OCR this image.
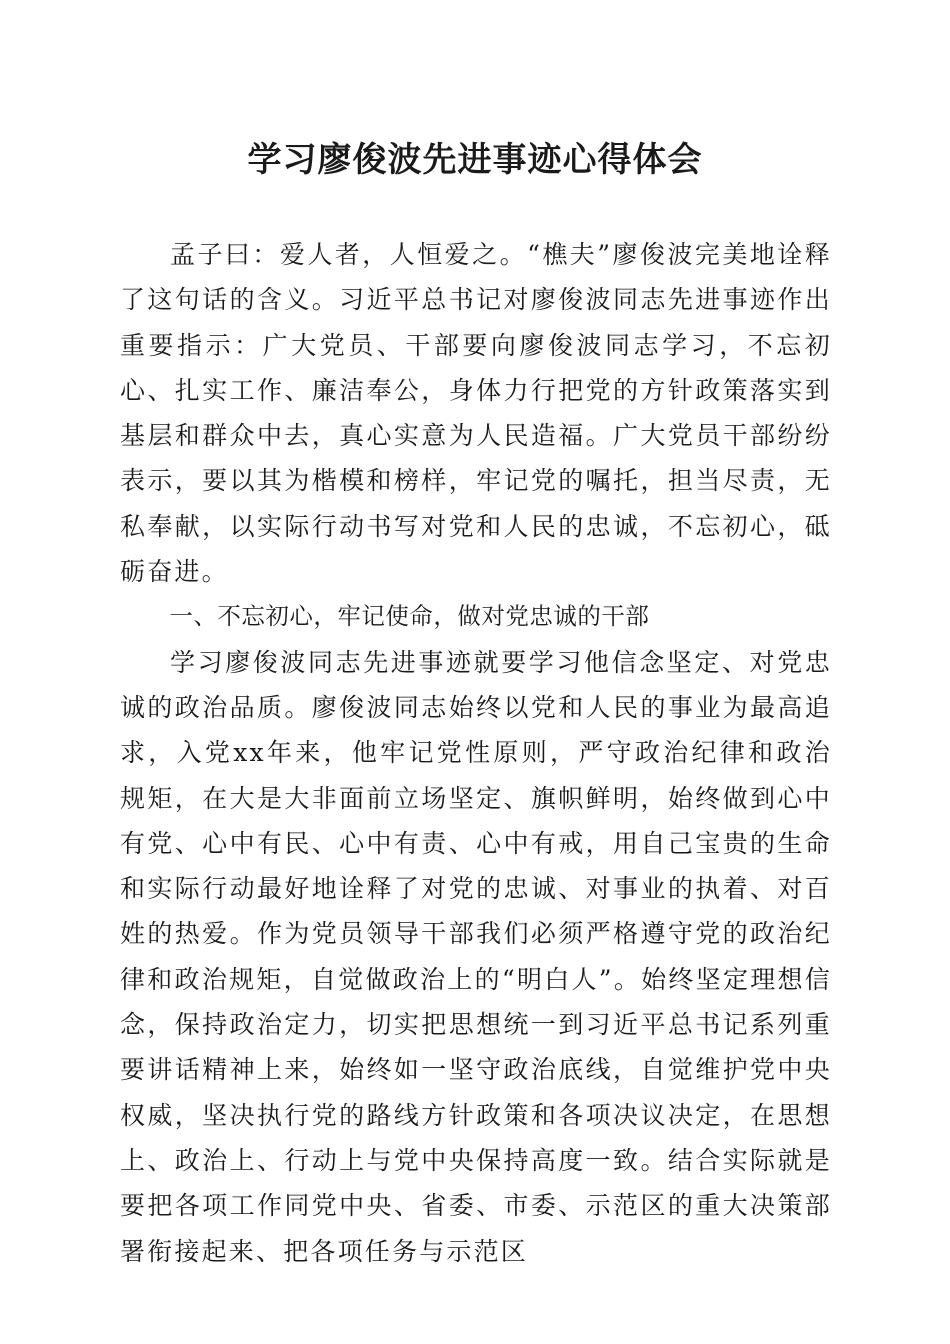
学习廖俊波先进事迹心得体会

孟子曰：爱人者，人恒爱之。“樵夫”廖俊波完美地诠释了这句话的含义。习近平总书记对廖俊波同志先进事迹作出重要指示：广大党员、干部要向廖俊波同志学习，不忘初心、扎实工作、廉洁奉公，身体力行把党的方针政策落实到基层和群众中去，真心实意为人民造福。广大党员干部纷纷表示，要以其为楷模和榜样，牢记党的嘱托，担当尽责，无私奉献，以实际行动书写对党和人民的忠诚，不忘初心，砥砺奋进。

一、不忘初心，牢记使命，做对党忠诚的干部

学习廖俊波同志先进事迹就要学习他信念坚定、对党忠诚的政治品质。廖俊波同志始终以党和人民的事业为最高追求，入党xx年来，他牢记党性原则，严守政治纪律和政治规矩，在大是大非面前立场坚定、旗帜鲜明，始终做到心中有党、心中有民、心中有责、心中有戒，用自己宝贵的生命和实际行动最好地诠释了对党的忠诚、对事业的执着、对百姓的热爱。作为党员领导干部我们必须严格遵守党的政治纪律和政治规矩，自觉做政治上的“明白人”。始终坚定理想信念，保持政治定力，切实把思想统一到习近平总书记系列重要讲话精神上来，始终如一坚守政治底线，自觉维护党中央权威，坚决执行党的路线方针政策和各项决议决定，在思想上、政治上、行动上与党中央保持高度一致。结合实际就是要把各项工作同党中央、省委、市委、示范区的重大决策部署衔接起来、把各项任务与示范区
